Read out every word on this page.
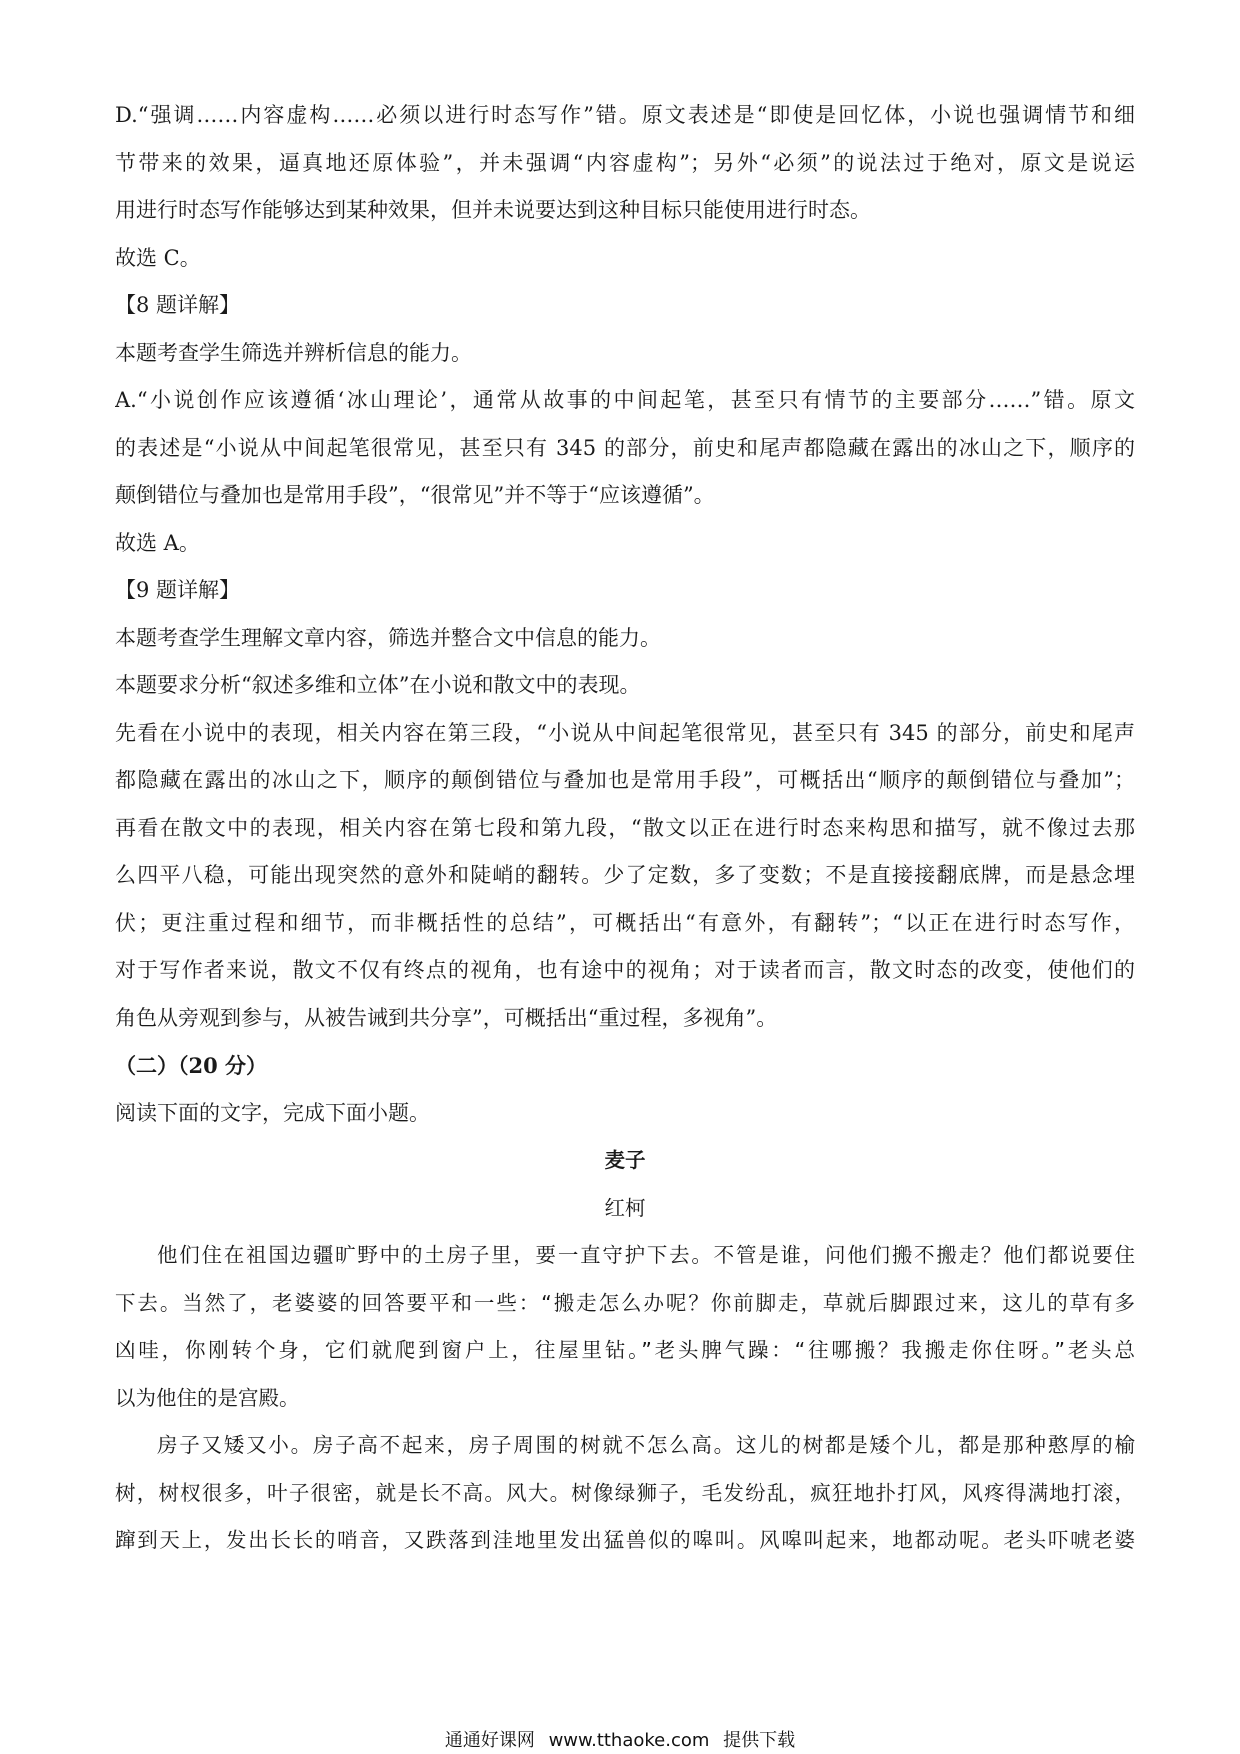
D.“强调……内容虚构……必须以进行时态写作”错。原文表述是“即使是回忆体，小说也强调情节和细
节带来的效果，逼真地还原体验”，并未强调“内容虚构”；另外“必须”的说法过于绝对，原文是说运
用进行时态写作能够达到某种效果，但并未说要达到这种目标只能使用进行时态。
故选 C。
【8 题详解】
本题考查学生筛选并辨析信息的能力。
A.“小说创作应该遵循‘冰山理论’，通常从故事的中间起笔，甚至只有情节的主要部分……”错。原文
的表述是“小说从中间起笔很常见，甚至只有 345 的部分，前史和尾声都隐藏在露出的冰山之下，顺序的
颠倒错位与叠加也是常用手段”，“很常见”并不等于“应该遵循”。
故选 A。
【9 题详解】
本题考查学生理解文章内容，筛选并整合文中信息的能力。
本题要求分析“叙述多维和立体”在小说和散文中的表现。
先看在小说中的表现，相关内容在第三段，“小说从中间起笔很常见，甚至只有 345 的部分，前史和尾声
都隐藏在露出的冰山之下，顺序的颠倒错位与叠加也是常用手段”，可概括出“顺序的颠倒错位与叠加”；
再看在散文中的表现，相关内容在第七段和第九段，“散文以正在进行时态来构思和描写，就不像过去那
么四平八稳，可能出现突然的意外和陡峭的翻转。少了定数，多了变数；不是直接接翻底牌，而是悬念埋
伏；更注重过程和细节，而非概括性的总结”，可概括出“有意外，有翻转”；“以正在进行时态写作，
对于写作者来说，散文不仅有终点的视角，也有途中的视角；对于读者而言，散文时态的改变，使他们的
角色从旁观到参与，从被告诫到共分享”，可概括出“重过程，多视角”。
（二）（20 分）
阅读下面的文字，完成下面小题。
麦子
红柯
他们住在祖国边疆旷野中的土房子里，要一直守护下去。不管是谁，问他们搬不搬走？他们都说要住
下去。当然了，老婆婆的回答要平和一些：“搬走怎么办呢？你前脚走，草就后脚跟过来，这儿的草有多
凶哇，你刚转个身，它们就爬到窗户上，往屋里钻。”老头脾气躁：“往哪搬？我搬走你住呀。”老头总
以为他住的是宫殿。
房子又矮又小。房子高不起来，房子周围的树就不怎么高。这儿的树都是矮个儿，都是那种憨厚的榆
树，树杈很多，叶子很密，就是长不高。风大。树像绿狮子，毛发纷乱，疯狂地扑打风，风疼得满地打滚，
蹿到天上，发出长长的哨音，又跌落到洼地里发出猛兽似的嗥叫。风嗥叫起来，地都动呢。老头吓唬老婆
通通好课网 www.tthaoke.com 提供下载
